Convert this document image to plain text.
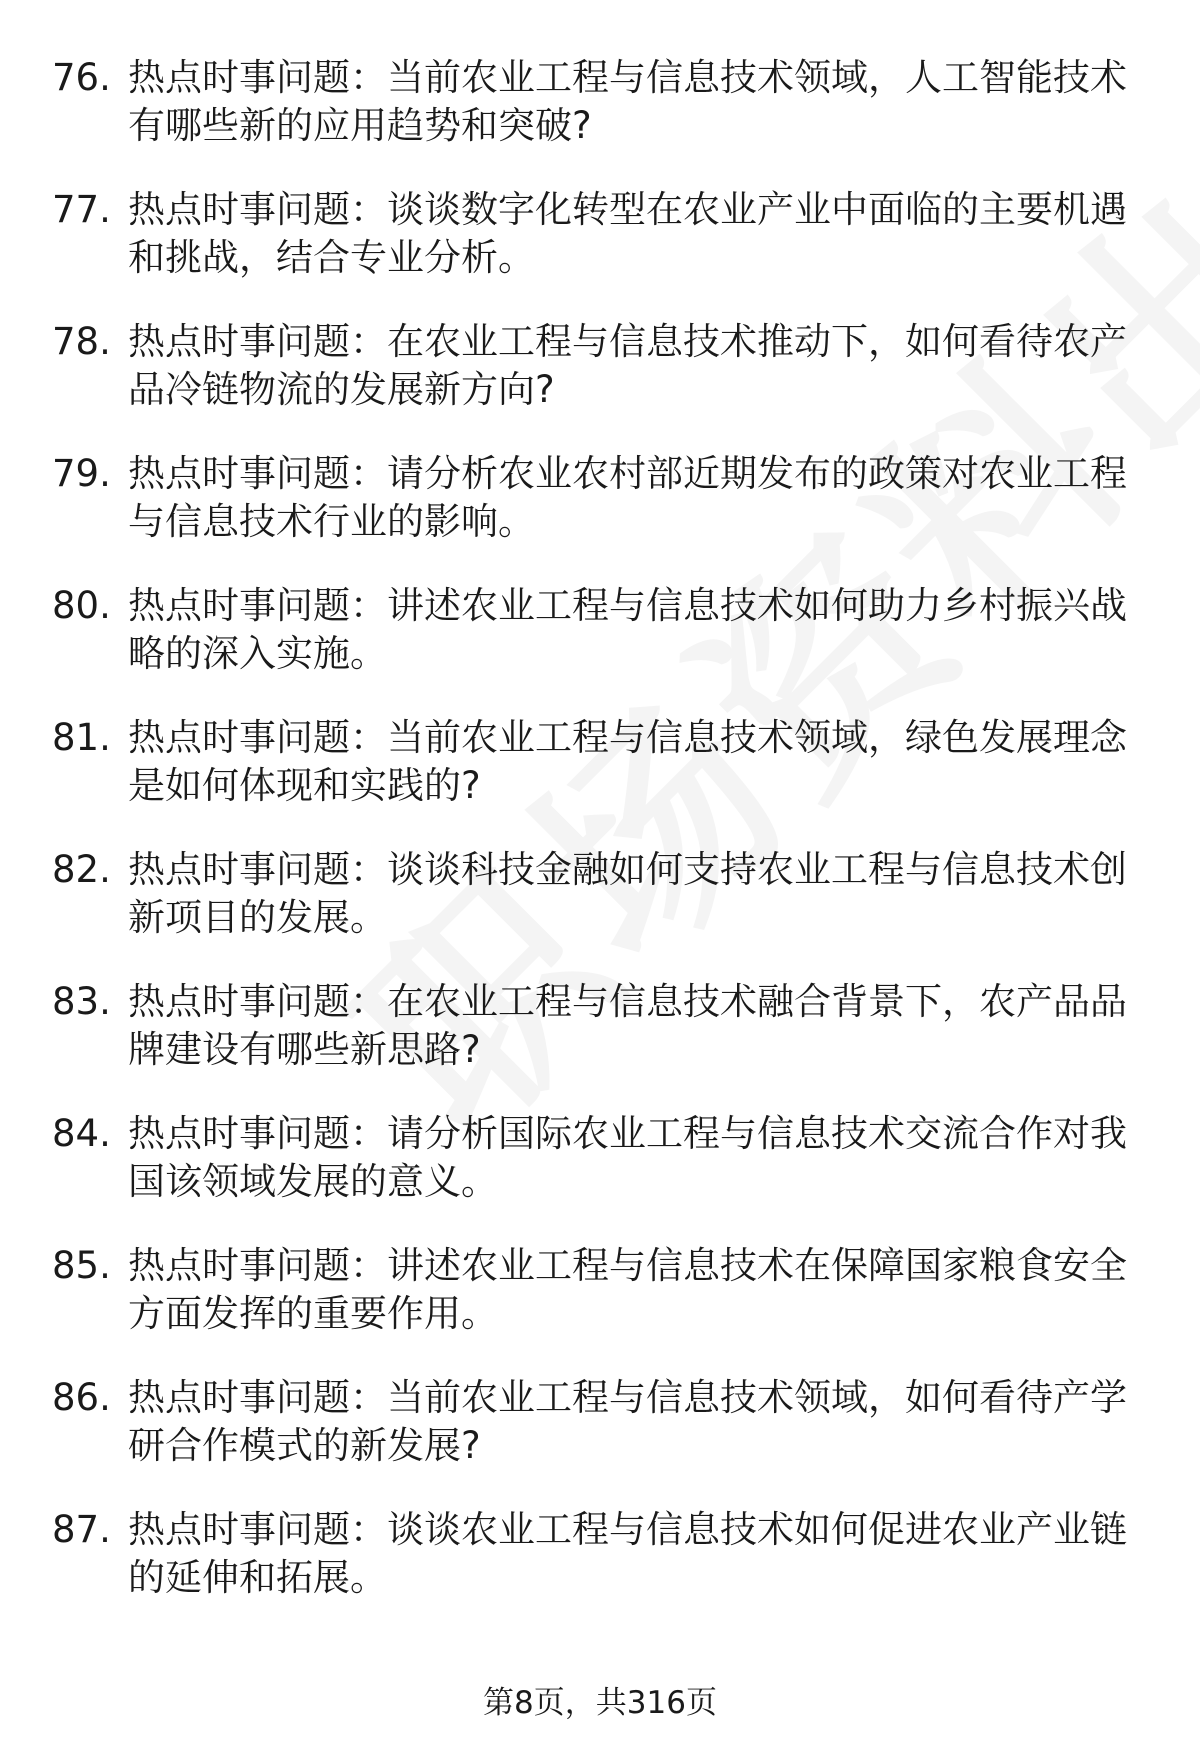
76. 热点时事问题：当前农业工程与信息技术领域，人工智能技术有哪些新的应用趋势和突破?
77. 热点时事问题：谈谈数字化转型在农业产业中面临的主要机遇和挑战，结合专业分析。
78. 热点时事问题：在农业工程与信息技术推动下，如何看待农产品冷链物流的发展新方向?
79. 热点时事问题：请分析农业农村部近期发布的政策对农业工程与信息技术行业的影响。
80. 热点时事问题：讲述农业工程与信息技术如何助力乡村振兴战略的深入实施。
81. 热点时事问题：当前农业工程与信息技术领域，绿色发展理念是如何体现和实践的?
82. 热点时事问题：谈谈科技金融如何支持农业工程与信息技术创新项目的发展。
83. 热点时事问题：在农业工程与信息技术融合背景下，农产品品牌建设有哪些新思路?
84. 热点时事问题：请分析国际农业工程与信息技术交流合作对我国该领域发展的意义。
85. 热点时事问题：讲述农业工程与信息技术在保障国家粮食安全方面发挥的重要作用。
86. 热点时事问题：当前农业工程与信息技术领域，如何看待产学研合作模式的新发展?
87. 热点时事问题：谈谈农业工程与信息技术如何促进农业产业链的延伸和拓展。
第8页，共316页
